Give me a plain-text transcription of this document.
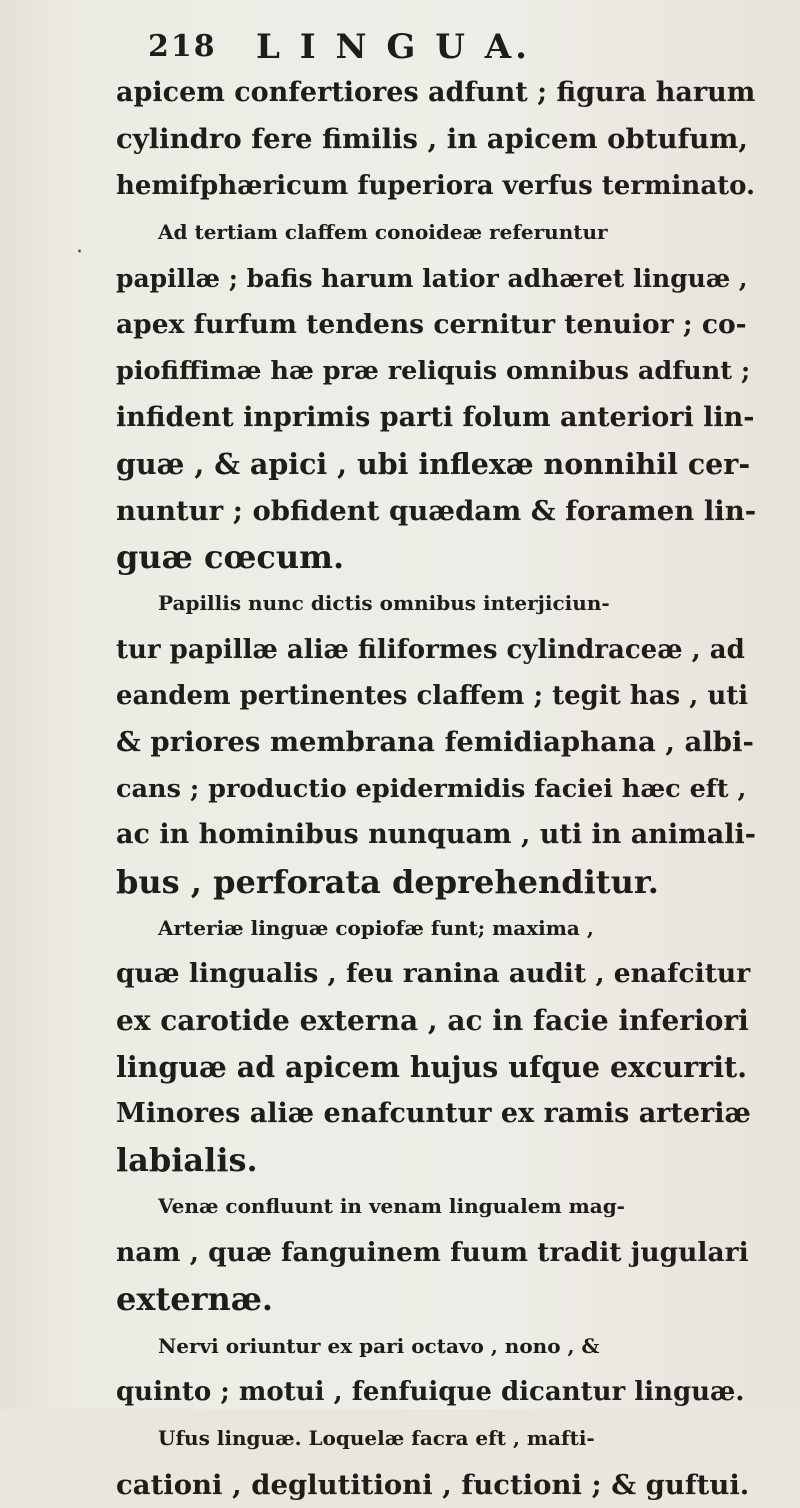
218 L I N G U A.
‧
apicem confertiores adfunt ; figura harum
cylindro fere fimilis , in apicem obtufum,
hemifphæricum fuperiora verfus terminato.
Ad tertiam claffem conoideæ referuntur
papillæ ; bafis harum latior adhæret linguæ ,
apex furfum tendens cernitur tenuior ; co-
piofiffimæ hæ præ reliquis omnibus adfunt ;
infident inprimis parti folum anteriori lin-
guæ , & apici , ubi inflexæ nonnihil cer-
nuntur ; obfident quædam & foramen lin-
guæ cœcum.
Papillis nunc dictis omnibus interjiciun-
tur papillæ aliæ filiformes cylindraceæ , ad
eandem pertinentes claffem ; tegit has , uti
& priores membrana femidiaphana , albi-
cans ; productio epidermidis faciei hæc eft ,
ac in hominibus nunquam , uti in animali-
bus , perforata deprehenditur.
Arteriæ linguæ copiofæ funt; maxima ,
quæ lingualis , feu ranina audit , enafcitur
ex carotide externa , ac in facie inferiori
linguæ ad apicem hujus ufque excurrit.
Minores aliæ enafcuntur ex ramis arteriæ
labialis.
Venæ confluunt in venam lingualem mag-
nam , quæ fanguinem fuum tradit jugulari
externæ.
Nervi oriuntur ex pari octavo , nono , &
quinto ; motui , fenfuique dicantur linguæ.
Ufus linguæ. Loquelæ facra eft , mafti-
cationi , deglutitioni , fuctioni ; & guftui.
